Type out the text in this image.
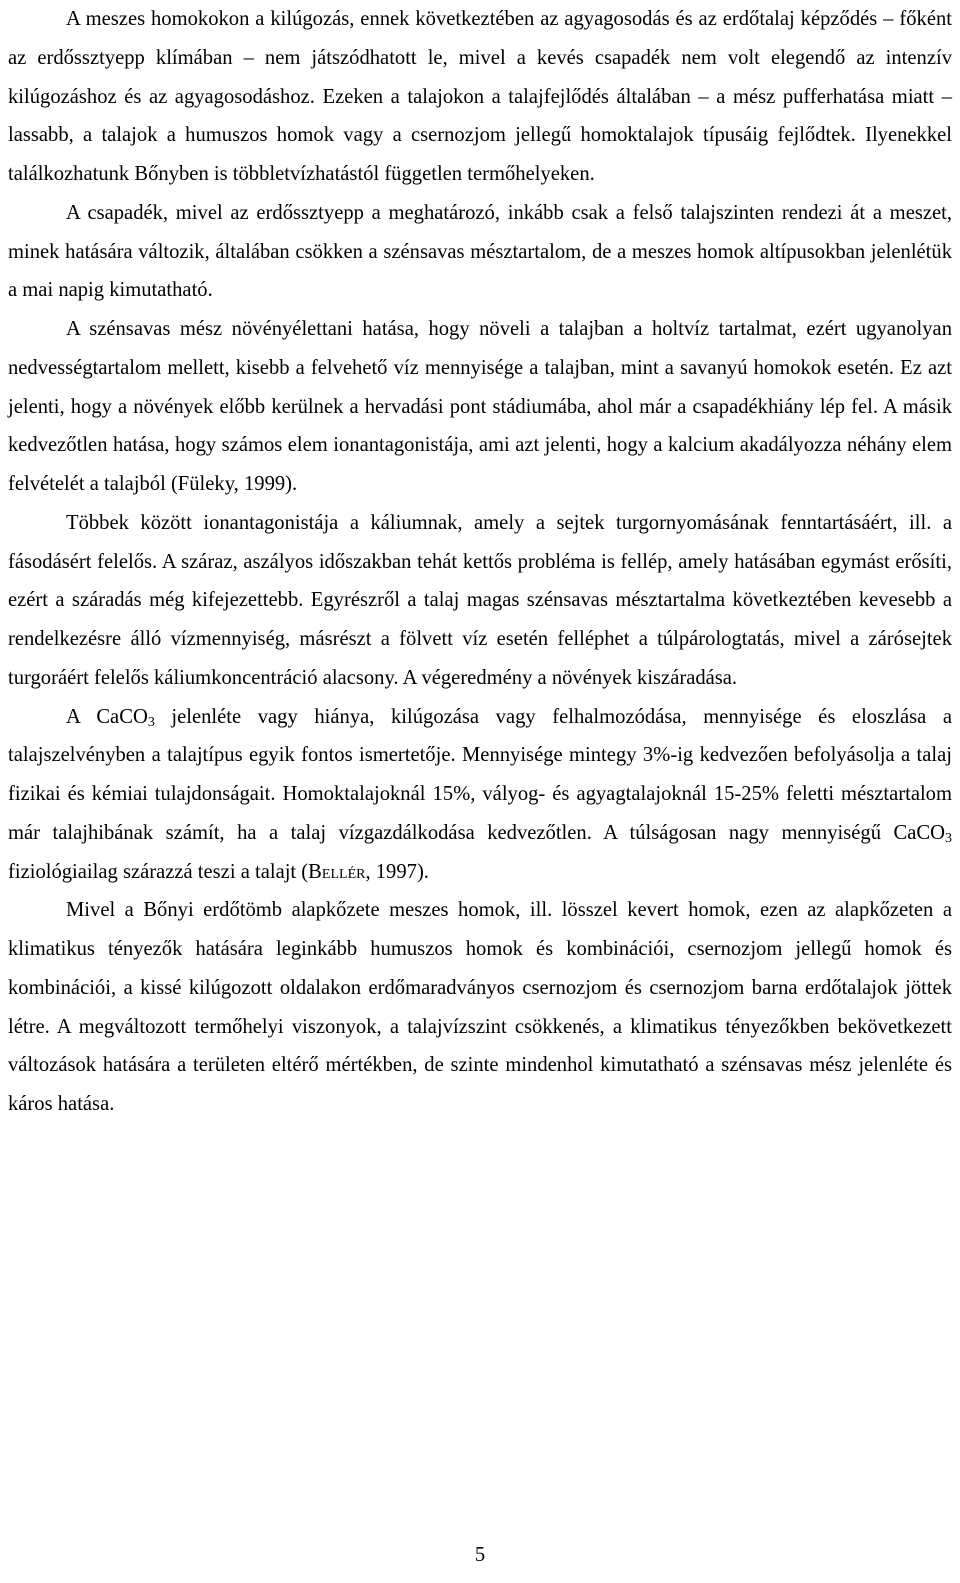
A meszes homokokon a kilúgozás, ennek következtében az agyagosodás és az erdőtalaj képződés – főként az erdőssztyepp klímában – nem játszódhatott le, mivel a kevés csapadék nem volt elegendő az intenzív kilúgozáshoz és az agyagosodáshoz. Ezeken a talajokon a talajfejlődés általában – a mész pufferhatása miatt – lassabb, a talajok a humuszos homok vagy a csernozjom jellegű homoktalajok típusáig fejlődtek. Ilyenekkel találkozhatunk Bőnyben is többletvízhatástól független termőhelyeken.

A csapadék, mivel az erdőssztyepp a meghatározó, inkább csak a felső talajszinten rendezi át a meszet, minek hatására változik, általában csökken a szénsavas mésztartalom, de a meszes homok altípusokban jelenlétük a mai napig kimutatható.

A szénsavas mész növényélettani hatása, hogy növeli a talajban a holtvíz tartalmat, ezért ugyanolyan nedvességtartalom mellett, kisebb a felvehető víz mennyisége a talajban, mint a savanyú homokok esetén. Ez azt jelenti, hogy a növények előbb kerülnek a hervadási pont stádiumába, ahol már a csapadékhiány lép fel. A másik kedvezőtlen hatása, hogy számos elem ionantagonistája, ami azt jelenti, hogy a kalcium akadályozza néhány elem felvételét a talajból (Füleky, 1999).

Többek között ionantagonistája a káliumnak, amely a sejtek turgornyomásának fenntartásáért, ill. a fásodásért felelős. A száraz, aszályos időszakban tehát kettős probléma is fellép, amely hatásában egymást erősíti, ezért a száradás még kifejezettebb. Egyrészről a talaj magas szénsavas mésztartalma következtében kevesebb a rendelkezésre álló vízmennyiség, másrészt a fölvett víz esetén felléphet a túlpárologtatás, mivel a zárósejtek turgoráért felelős káliumkoncentráció alacsony. A végeredmény a növények kiszáradása.

A CaCO$_3$ jelenléte vagy hiánya, kilúgozása vagy felhalmozódása, mennyisége és eloszlása a talajszelvényben a talajtípus egyik fontos ismertetője. Mennyisége mintegy 3%-ig kedvezően befolyásolja a talaj fizikai és kémiai tulajdonságait. Homoktalajoknál 15%, vályog- és agyagtalajoknál 15-25% feletti mésztartalom már talajhibának számít, ha a talaj vízgazdálkodása kedvezőtlen. A túlságosan nagy mennyiségű CaCO$_3$ fiziológiailag szárazzá teszi a talajt (Bellér, 1997).

Mivel a Bőnyi erdőtömb alapkőzete meszes homok, ill. lösszel kevert homok, ezen az alapkőzeten a klimatikus tényezők hatására leginkább humuszos homok és kombinációi, csernozjom jellegű homok és kombinációi, a kissé kilúgozott oldalakon erdőmaradványos csernozjom és csernozjom barna erdőtalajok jöttek létre. A megváltozott termőhelyi viszonyok, a talajvízszint csökkenés, a klimatikus tényezőkben bekövetkezett változások hatására a területen eltérő mértékben, de szinte mindenhol kimutatható a szénsavas mész jelenléte és káros hatása.

5
